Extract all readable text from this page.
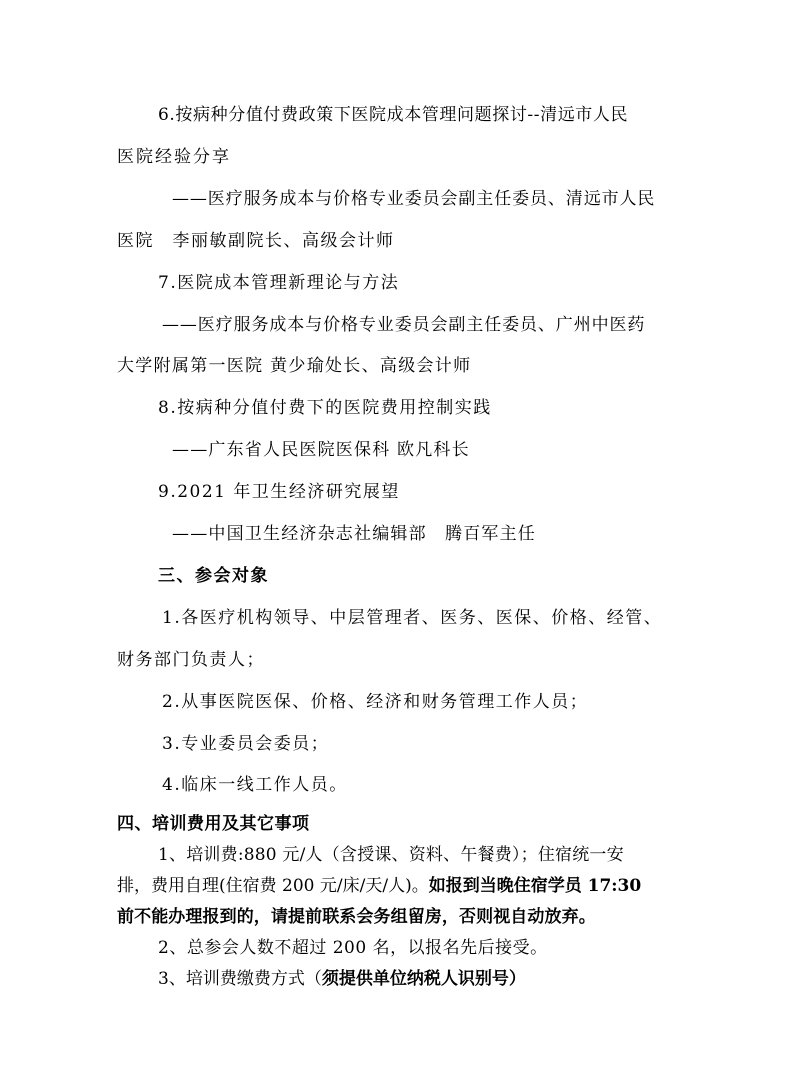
6.按病种分值付费政策下医院成本管理问题探讨--清远市人民
医院经验分享
——医疗服务成本与价格专业委员会副主任委员、清远市人民
医院　李丽敏副院长、高级会计师
7.医院成本管理新理论与方法
——医疗服务成本与价格专业委员会副主任委员、广州中医药
大学附属第一医院 黄少瑜处长、高级会计师
8.按病种分值付费下的医院费用控制实践
——广东省人民医院医保科 欧凡科长
9.2021 年卫生经济研究展望
——中国卫生经济杂志社编辑部　腾百军主任
三、参会对象
1.各医疗机构领导、中层管理者、医务、医保、价格、经管、
财务部门负责人；
2.从事医院医保、价格、经济和财务管理工作人员；
3.专业委员会委员；
4.临床一线工作人员。
四、培训费用及其它事项
1、培训费:880 元/人（含授课、资料、午餐费）；住宿统一安
排，费用自理(住宿费 200 元/床/天/人)。如报到当晚住宿学员 17:30
前不能办理报到的，请提前联系会务组留房，否则视自动放弃。
2、总参会人数不超过 200 名，以报名先后接受。
3、培训费缴费方式（须提供单位纳税人识别号）
